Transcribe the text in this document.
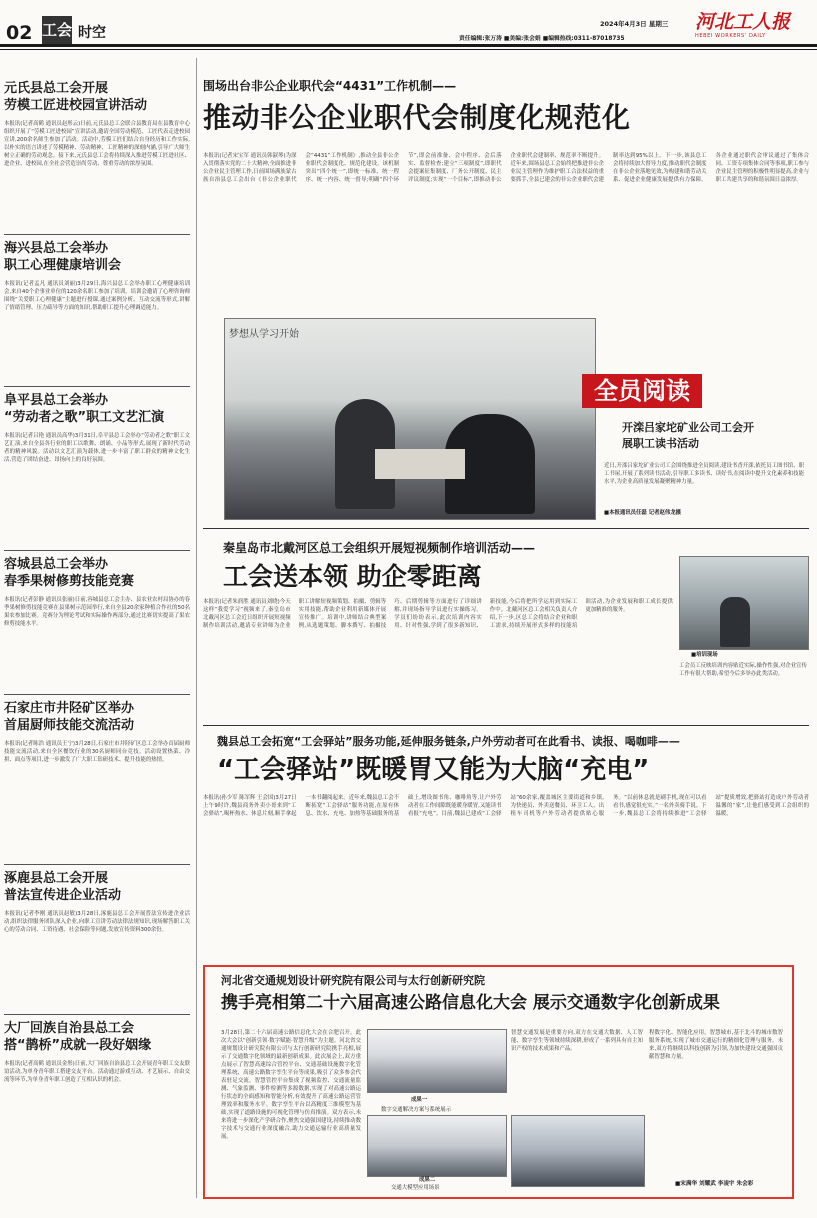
02 工会 时空
2024年4月3日 星期三
责任编辑:张万涛 ■美编:张会娟 ■编辑热线:0311-87018735
河北工人报
HEBEI WORKERS' DAILY
元氏县总工会开展
劳模工匠进校园宣讲活动
本报讯(记者高鹤 通讯员赵彤云)日前,元氏县总工会联合县教育局在县教育中心组织开展了“劳模工匠进校园”宣讲活动,邀请全国劳动模范、工匠代表走进校园宣讲,200余名师生参加了活动。活动中,劳模工匠们结合自身经历和工作实际,以朴实的语言讲述了劳模精神、劳动精神、工匠精神的深刻内涵,引导广大师生树立正确的劳动观念。接下来,元氏县总工会将持续深入推进劳模工匠进社区、进企业、进校园,在全社会营造崇尚劳动、尊重劳动的浓厚氛围。
海兴县总工会举办
职工心理健康培训会
本报讯(记者孟凡 通讯员刘丽)3月29日,海兴县总工会举办职工心理健康培训会,来自40个企事业单位的120余名职工参加了培训。培训会邀请了心理咨询师围绕“关爱职工心理健康”主题进行授课,通过案例分析、互动交流等形式,讲解了情绪管理、压力疏导等方面的知识,帮助职工提升心理调适能力。
阜平县总工会举办
“劳动者之歌”职工文艺汇演
本报讯(记者吕艳 通讯员高华)3月31日,阜平县总工会举办“劳动者之歌”职工文艺汇演,来自全县各行业的职工以歌舞、朗诵、小品等形式,展现了新时代劳动者的精神风貌。活动以文艺汇演为载体,进一步丰富了职工群众的精神文化生活,营造了团结奋进、昂扬向上的良好氛围。
容城县总工会举办
春季果树修剪技能竞赛
本报讯(记者彭静 通讯员张丽)日前,容城县总工会主办、县农业农村局协办的春季果树修剪技能竞赛在县果树示范园举行,来自全县20余家种植合作社的50名果农参加比赛。竞赛分为理论考试和实际操作两部分,通过比赛切实提高了果农修剪技能水平。
石家庄市井陉矿区举办
首届厨师技能交流活动
本报讯(记者陈浩 通讯员王宁)3月28日,石家庄市井陉矿区总工会举办首届厨师技能交流活动,来自全区餐饮行业的30名厨师同台竞技。活动设置热菜、冷拼、面点等项目,进一步激发了广大职工钻研技术、提升技能的热情。
涿鹿县总工会开展
普法宣传进企业活动
本报讯(记者李刚 通讯员赵敏)3月28日,涿鹿县总工会开展普法宣传进企业活动,组织法律服务团队深入企业,向职工宣讲劳动法律法规知识,现场解答职工关心的劳动合同、工资待遇、社会保险等问题,发放宣传资料300余份。
大厂回族自治县总工会
搭“鹊桥”成就一段好姻缘
本报讯(记者高鹤 通讯员金彤)日前,大厂回族自治县总工会开展青年职工交友联谊活动,为单身青年职工搭建交友平台。活动通过游戏互动、才艺展示、自由交流等环节,为单身青年职工创造了互相认识的机会。
围场出台非公企业职代会“4431”工作机制——
推动非公企业职代会制度化规范化
本报讯(记者宋宝军 通讯员韩淑琴)为深入贯彻落实党的二十大精神,全面推进非公企业民主管理工作,日前围场满族蒙古族自治县总工会出台《非公企业职代会“4431”工作机制》,推动全县非公企业职代会制度化、规范化建设。该机制突出“四个统一”,即统一标准、统一程序、统一内容、统一督导;明确“四个环节”,即会前准备、会中程序、会后落实、监督检查;建立“三项制度”,即职代会提案征集制度、厂务公开制度、民主评议制度;实现“一个目标”,即推动非公企业职代会建制率、规范率不断提升。近年来,围场县总工会始终把推进非公企业民主管理作为维护职工合法权益的重要抓手,全县已建会的非公企业职代会建制率达到95%以上。下一步,该县总工会将持续加大督导力度,推动职代会制度在非公企业落地见效,为构建和谐劳动关系、促进企业健康发展提供有力保障。各企业通过职代会审议通过了集体合同、工资专项集体合同等事项,职工参与企业民主管理的积极性明显提高,企业与职工共建共享的和谐氛围日益浓厚。
梦想从学习开始
全员阅读
开滦吕家坨矿业公司工会开
展职工读书活动
近日,开滦吕家坨矿业公司工会围绕推进全员阅读,建设书香开滦,依托员工图书馆、职工书屋,开展了系列读书活动,引导职工多读书、读好书,在阅读中提升文化素养和技能水平,为企业高质量发展凝聚精神力量。
■本报通讯员任磊 记者赵伟龙摄
秦皇岛市北戴河区总工会组织开展短视频制作培训活动——
工会送本领 助企零距离
本报讯(记者朱润胜 通讯员刘晓)今天这样“我爱学习”视频来了,秦皇岛市北戴河区总工会近日组织开展短视频制作培训活动,邀请专业讲师为企业职工讲解短视频策划、拍摄、剪辑等实用技能,帮助企业利用新媒体开展宣传推广。培训中,讲师结合典型案例,从选题策划、脚本撰写、拍摄技巧、后期剪辑等方面进行了详细讲解,并现场指导学员进行实操练习。学员们纷纷表示,此次培训内容实用、针对性强,学到了很多新知识、新技能,今后将把所学运用到实际工作中。北戴河区总工会相关负责人介绍,下一步,区总工会将结合企业和职工需求,持续开展形式多样的技能培训活动,为企业发展和职工成长提供更加精准的服务。
■培训现场
工会员工反映培训内容贴近实际,操作性强,对企业宣传工作有很大帮助,希望今后多举办此类活动。
魏县总工会拓宽“工会驿站”服务功能,延伸服务链条,户外劳动者可在此看书、读报、喝咖啡——
“工会驿站”既暖胃又能为大脑“充电”
本报讯(孙少军 陈军辉 王会国)3月27日上午9时许,魏县商务外卖小哥来到“工会驿站”,喝杯热水、休息片刻,顺手拿起一本书翻阅起来。近年来,魏县总工会不断拓宽“工会驿站”服务功能,在原有休息、饮水、充电、加热等基础服务的基础上,增设图书角、咖啡角等,让户外劳动者在工作间隙既能暖身暖胃,又能读书看报“充电”。目前,魏县已建成“工会驿站”60余家,覆盖城区主要街道和乡镇,为快递员、外卖送餐员、环卫工人、出租车司机等户外劳动者提供贴心服务。“以前休息就是刷手机,现在可以看看书,感觉很充实。”一名外卖骑手说。下一步,魏县总工会将持续推进“工会驿站”提质增效,把驿站打造成户外劳动者温馨的“家”,让他们感受到工会组织的温暖。
河北省交通规划设计研究院有限公司与太行创新研究院
携手亮相第二十六届高速公路信息化大会 展示交通数字化创新成果
3月28日,第二十六届高速公路信息化大会在合肥召开。此次大会以“创新引领·数字赋能·智慧升级”为主题。河北省交通规划设计研究院有限公司与太行创新研究院携手亮相,展示了交通数字化领域的最新创新成果。此次展会上,双方重点展示了智慧高速综合管控平台、交通基础设施数字化管理系统、高速公路数字孪生平台等成果,吸引了众多参会代表驻足交流。智慧管控平台集成了视频监控、交通流量监测、气象监测、事件检测等多源数据,实现了对高速公路运行状态的全面感知和智能分析,有效提升了高速公路运营管理效率和服务水平。数字孪生平台以高精度三维模型为基础,实现了道路设施的可视化管理与仿真推演。双方表示,未来将进一步深化产学研合作,聚焦交通强国建设,持续推动数字技术与交通行业深度融合,助力交通运输行业高质量发展。
成果一
数字交通解决方案与系统展示
成果二
交通大模型应用场景
智慧交通发展是重要方向,双方在交通大数据、人工智能、数字孪生等领域持续深耕,形成了一系列具有自主知识产权的技术成果和产品。
程数字化、智能化应用。智慧城市,基于北斗的城市数智服务系统,实现了城市交通运行的精细化管理与服务。未来,双方将继续以科技创新为引领,为加快建设交通强国贡献智慧和力量。
■宋满华 刘耀武 李凌宇 朱会彩
